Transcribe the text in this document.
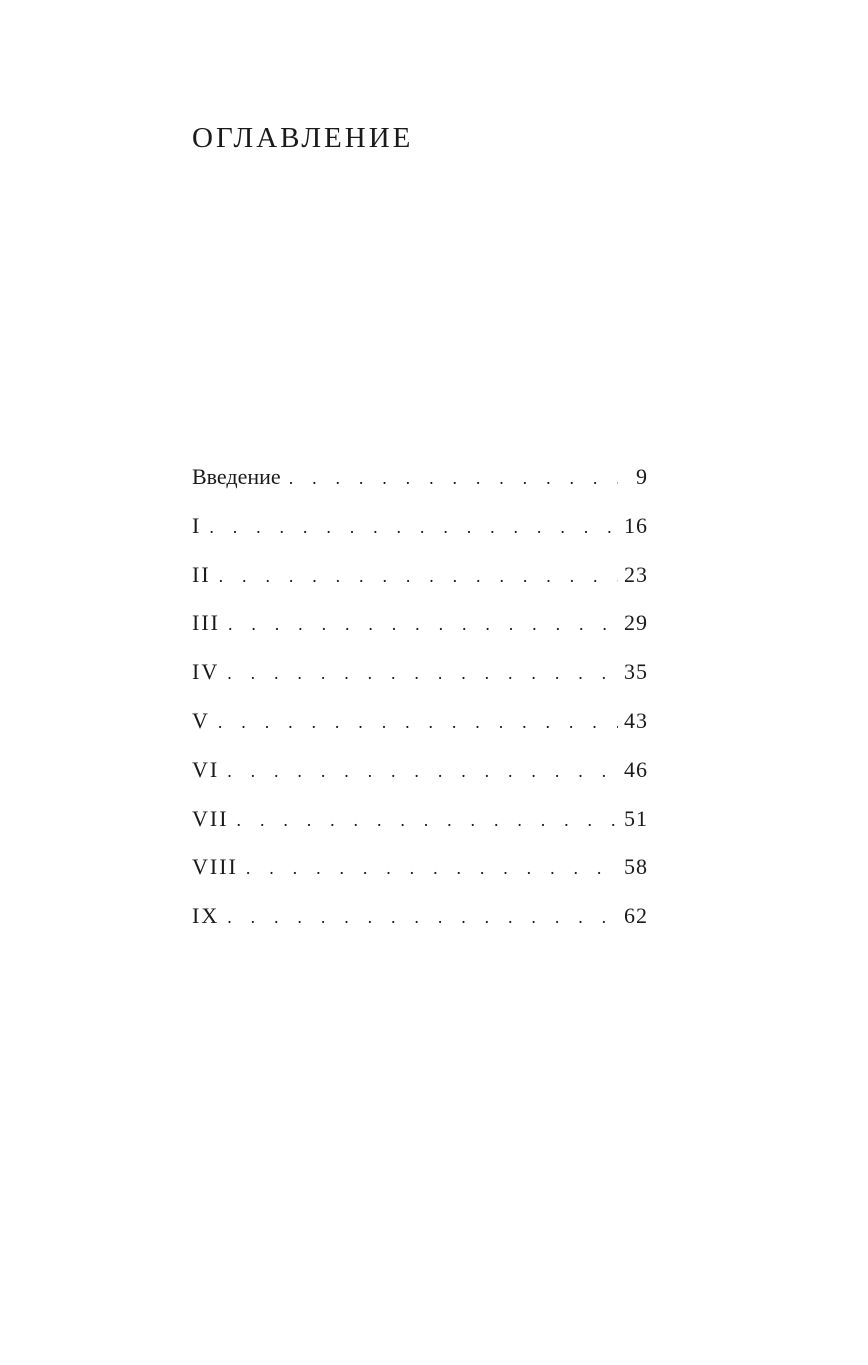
ОГЛАВЛЕНИЕ
Введение . . .	9
I . . .	16
II . . .	23
III . . .	29
IV . . .	35
V . . .	43
VI . . .	46
VII . . .	51
VIII . . .	58
IX . . .	62
